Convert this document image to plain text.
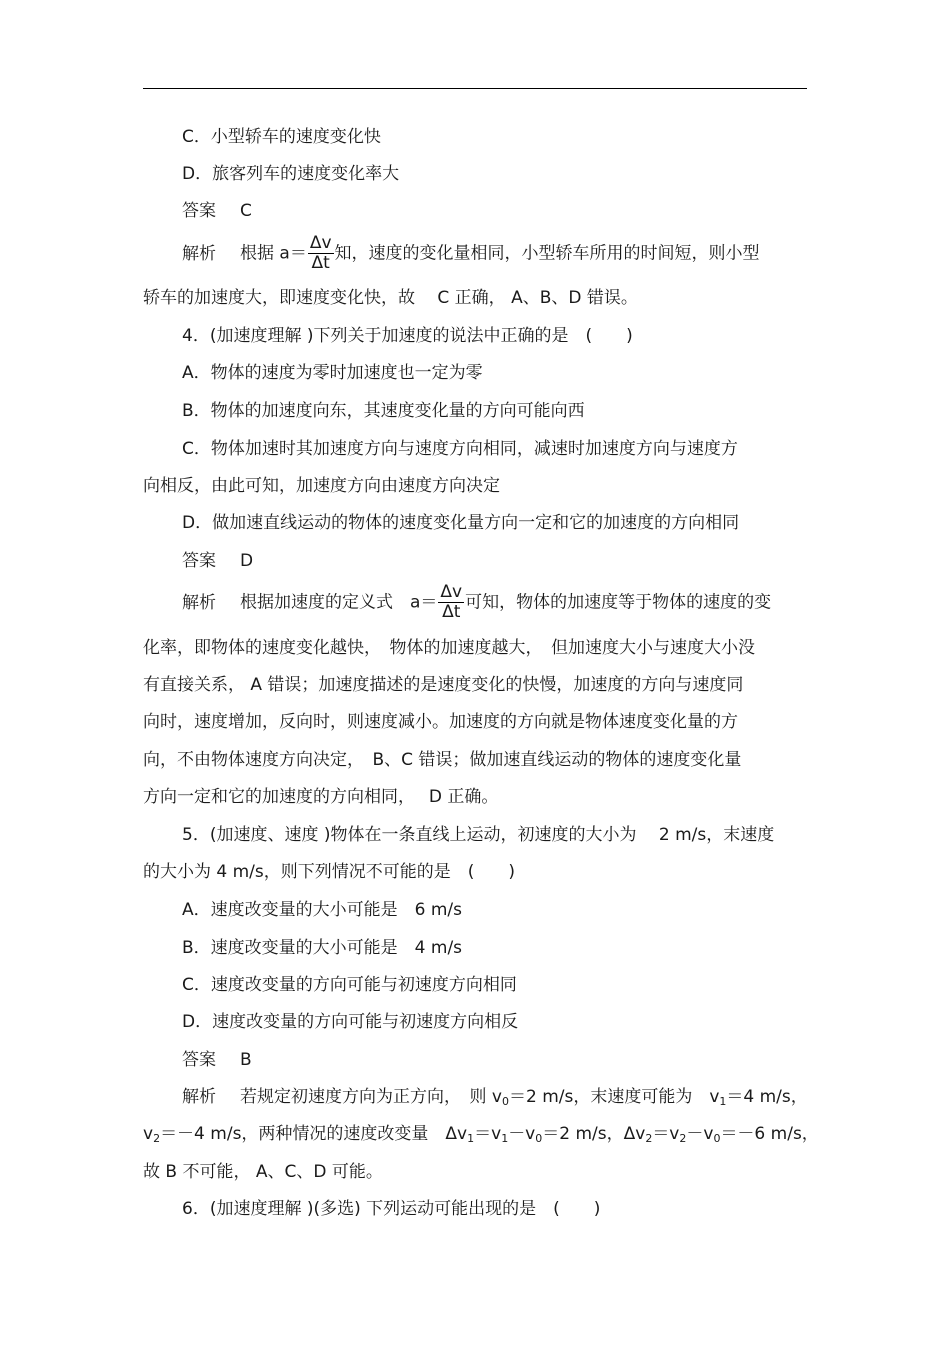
C．小型轿车的速度变化快
D．旅客列车的速度变化率大
答案 C
解析 根据 $a= \frac{\Delta v}{\Delta t}$ 知，速度的变化量相同，小型轿车所用的时间短，则小型
轿车的加速度大，即速度变化快，故　 C 正确， A、B、D 错误。
4．(加速度理解 )下列关于加速度的说法中正确的是　(　　)
A．物体的速度为零时加速度也一定为零
B．物体的加速度向东，其速度变化量的方向可能向西
C．物体加速时其加速度方向与速度方向相同，减速时加速度方向与速度方
向相反，由此可知，加速度方向由速度方向决定
D．做加速直线运动的物体的速度变化量方向一定和它的加速度的方向相同
答案 D
解析 根据加速度的定义式　$a= \frac{\Delta v}{\Delta t}$ 可知，物体的加速度等于物体的速度的变
化率，即物体的速度变化越快，　物体的加速度越大，　但加速度大小与速度大小没
有直接关系， A 错误；加速度描述的是速度变化的快慢，加速度的方向与速度同
向时，速度增加，反向时，则速度减小。加速度的方向就是物体速度变化量的方
向，不由物体速度方向决定，　B、C 错误；做加速直线运动的物体的速度变化量
方向一定和它的加速度的方向相同，　 D 正确。
5．(加速度、速度 )物体在一条直线上运动，初速度的大小为　 2 m/s，末速度
的大小为 4 m/s，则下列情况不可能的是　(　　)
A．速度改变量的大小可能是　6 m/s
B．速度改变量的大小可能是　4 m/s
C．速度改变量的方向可能与初速度方向相同
D．速度改变量的方向可能与初速度方向相反
答案 B
解析 若规定初速度方向为正方向，　则 $v_0=2$ m/s，末速度可能为　$v_1=4$ m/s，
$v_2=-4$ m/s，两种情况的速度改变量　$\Delta v_1=v_1-v_0=2$ m/s，$\Delta v_2=v_2-v_0=-6$ m/s，
故 B 不可能， A、C、D 可能。
6．(加速度理解 )(多选) 下列运动可能出现的是　(　　)
